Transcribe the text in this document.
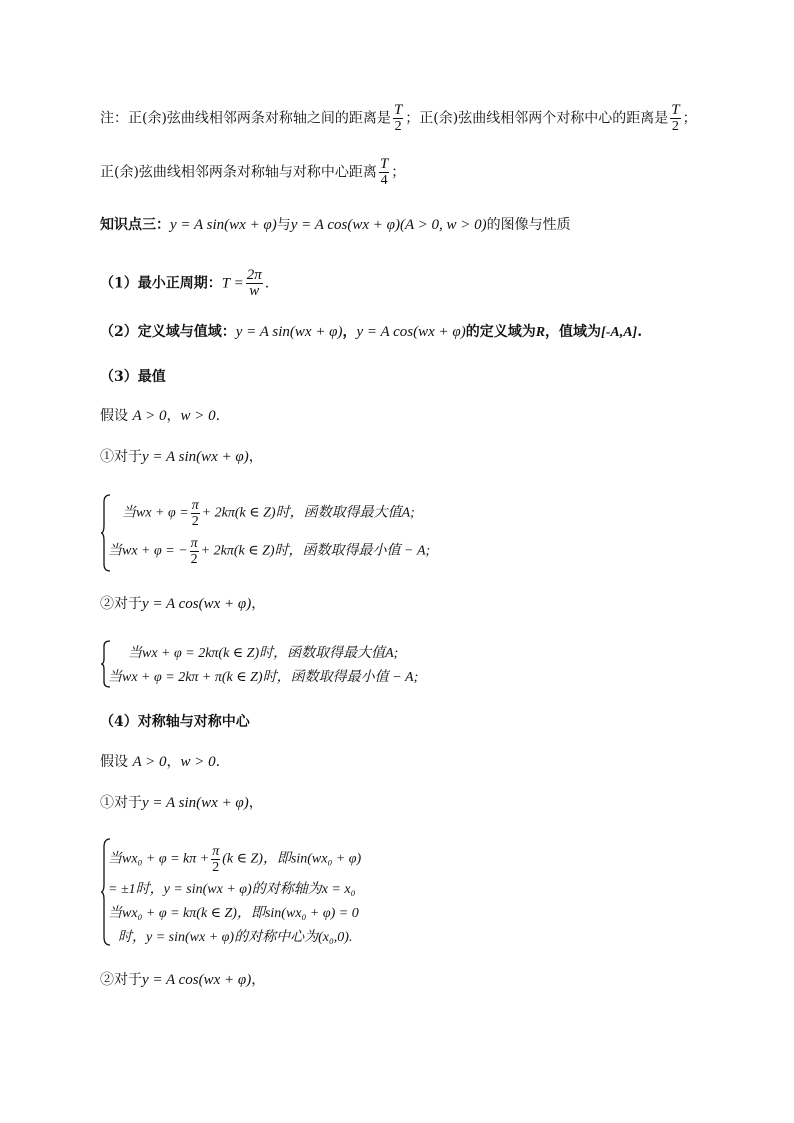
注：正(余)弦曲线相邻两条对称轴之间的距离是 $\frac{T}{2}$ ；正(余)弦曲线相邻两个对称中心的距离是 $\frac{T}{2}$ ；
正(余)弦曲线相邻两条对称轴与对称中心距离 $\frac{T}{4}$ ；
知识点三：y = A sin(wx + φ)与y = A cos(wx + φ)(A > 0, w > 0)的图像与性质
（1）最小正周期：$T = \frac{2\pi}{w}$ .
（2）定义域与值域：y = A sin(wx + φ)，y = A cos(wx + φ)的定义域为R，值域为[-A,A].
（3）最值
假设 A > 0，w > 0.
①对于y = A sin(wx + φ)，
当wx + $\varphi = \frac{\pi}{2} + 2k\pi(k$ ∈ Z)时，函数取得最大值A;
当wx + φ = − $\frac{\pi}{2} + 2k\pi(k$ ∈ Z)时，函数取得最小值 − A;
②对于y = A cos(wx + φ)，
当wx + φ = 2kπ(k ∈ Z)时，函数取得最大值A;
当wx + φ = 2kπ + π(k ∈ Z)时，函数取得最小值 − A;
（4）对称轴与对称中心
假设 A > 0，w > 0.
①对于y = A sin(wx + φ)，
当$wx_0 + \varphi = k\pi + \frac{\pi}{2} (k$ ∈ Z)，即sin(wx₀ + φ)
= ±1时，y = sin(wx + φ)的对称轴为x = x₀
当wx₀ + φ = kπ(k ∈ Z)，即sin(wx₀ + φ) = 0
时，y = sin(wx + φ)的对称中心为(x₀,0).
②对于y = A cos(wx + φ)，
